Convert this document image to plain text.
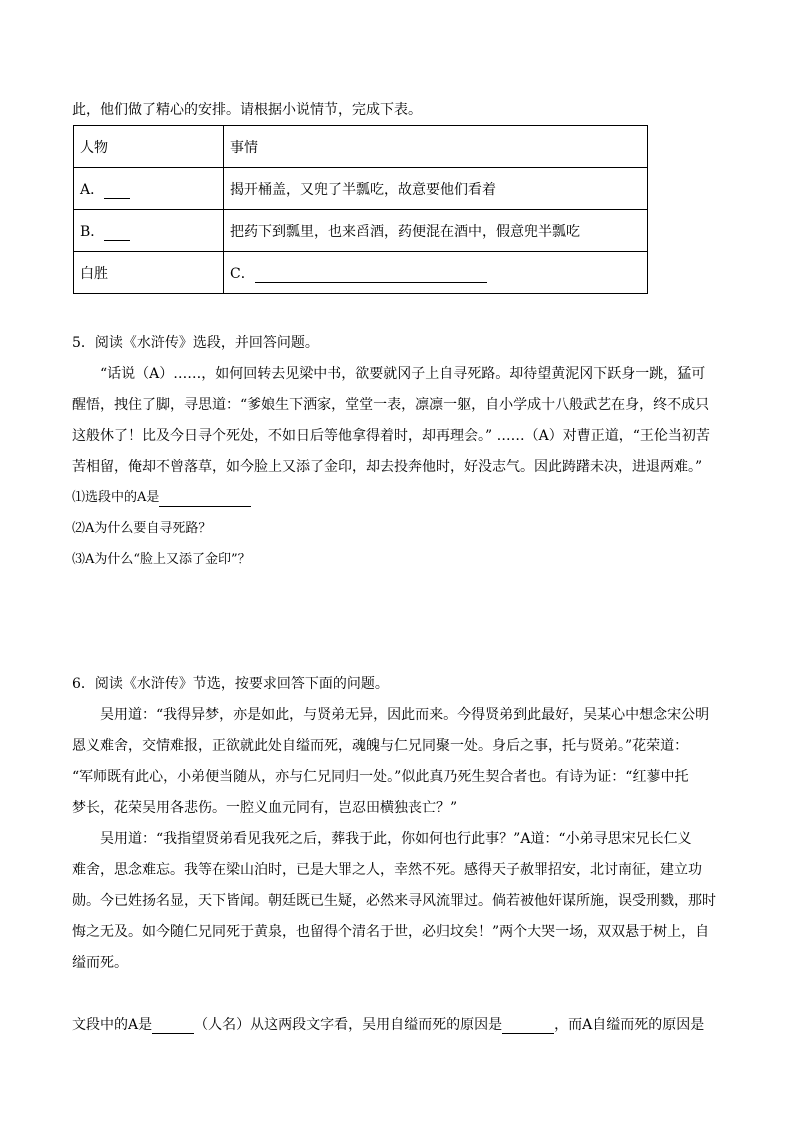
此，他们做了精心的安排。请根据小说情节，完成下表。
人物	事情
A．	揭开桶盖，又兜了半瓢吃，故意要他们看着
B．	把药下到瓢里，也来舀酒，药便混在酒中，假意兜半瓢吃
白胜	C．
5．阅读《水浒传》选段，并回答问题。
“话说（A）……，如何回转去见梁中书，欲要就冈子上自寻死路。却待望黄泥冈下跃身一跳，猛可
醒悟，拽住了脚，寻思道：“爹娘生下洒家，堂堂一表，凛凛一躯，自小学成十八般武艺在身，终不成只
这般休了！比及今日寻个死处，不如日后等他拿得着时，却再理会。” ……（A）对曹正道，“王伦当初苦
苦相留，俺却不曾落草，如今脸上又添了金印，却去投奔他时，好没志气。因此踌躇未决，进退两难。”
⑴选段中的A是
⑵A为什么要自寻死路？
⑶A为什么“脸上又添了金印”？
6．阅读《水浒传》节选，按要求回答下面的问题。
吴用道：“我得异梦，亦是如此，与贤弟无异，因此而来。今得贤弟到此最好，吴某心中想念宋公明
恩义难舍，交情难报，正欲就此处自缢而死，魂魄与仁兄同聚一处。身后之事，托与贤弟。”花荣道：
“军师既有此心，小弟便当随从，亦与仁兄同归一处。”似此真乃死生契合者也。有诗为证：“红蓼中托
梦长，花荣吴用各悲伤。一腔义血元同有，岂忍田横独丧亡？”
吴用道：“我指望贤弟看见我死之后，葬我于此，你如何也行此事？”A道：“小弟寻思宋兄长仁义
难舍，思念难忘。我等在梁山泊时，已是大罪之人，幸然不死。感得天子赦罪招安，北讨南征，建立功
勋。今已姓扬名显，天下皆闻。朝廷既已生疑，必然来寻风流罪过。倘若被他奸谋所施，误受刑戮，那时
悔之无及。如今随仁兄同死于黄泉，也留得个清名于世，必归坟矣！”两个大哭一场，双双悬于树上，自
缢而死。
文段中的A是	（人名）从这两段文字看，吴用自缢而死的原因是	，而A自缢而死的原因是
